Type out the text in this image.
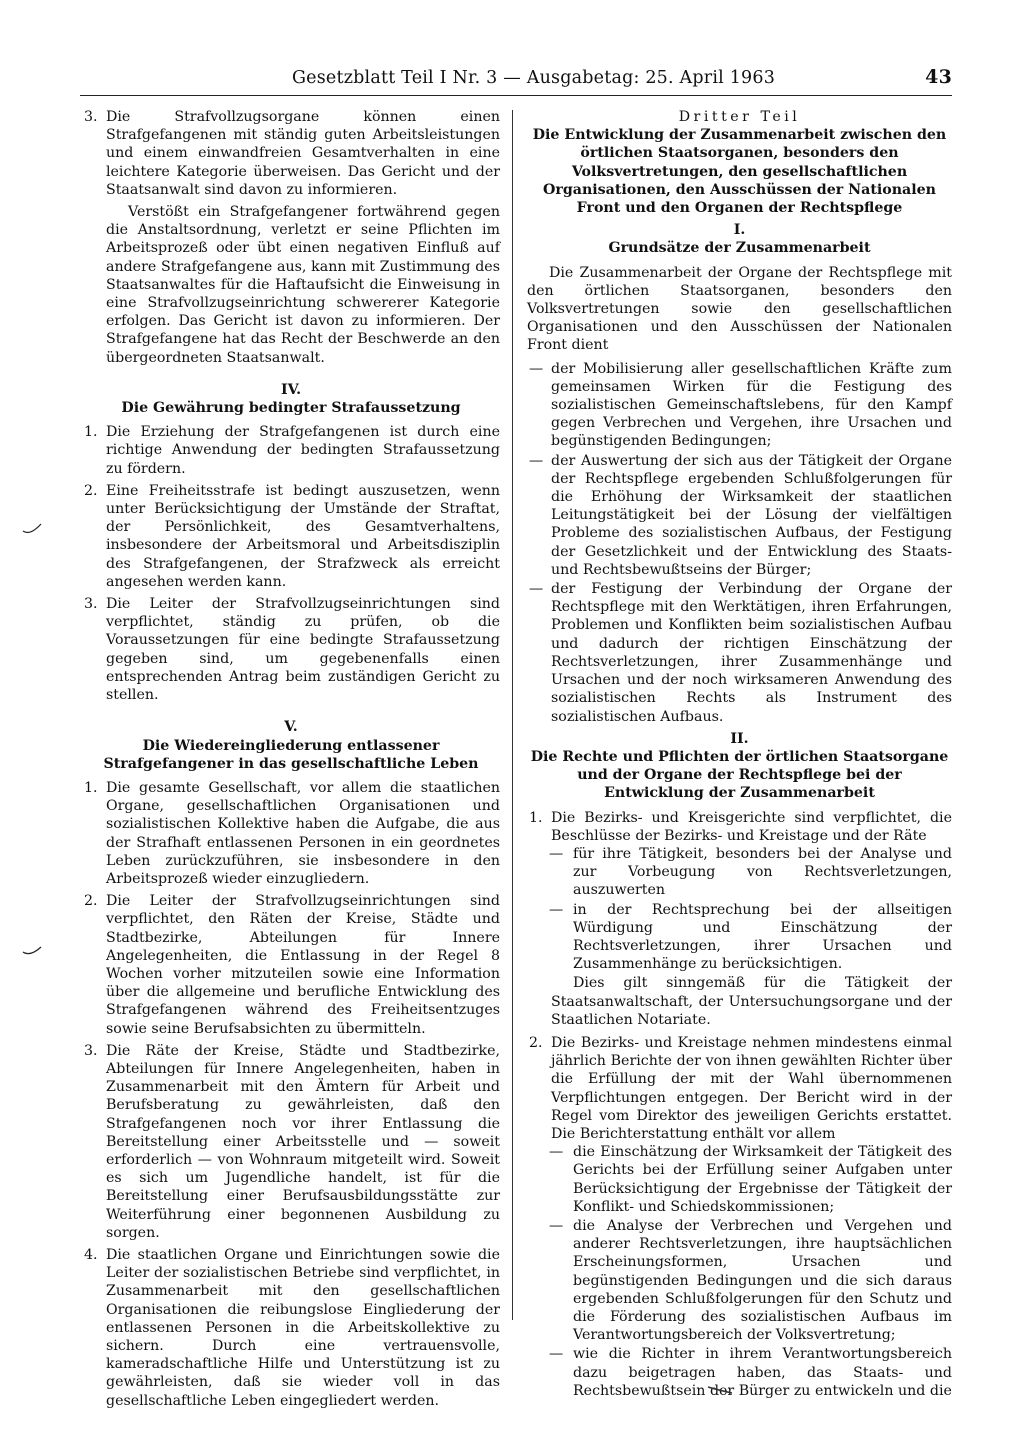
Gesetzblatt Teil I Nr. 3 — Ausgabetag: 25. April 1963	43
3. Die Strafvollzugsorgane können einen Strafgefangenen mit ständig guten Arbeitsleistungen und einem einwandfreien Gesamtverhalten in eine leichtere Kategorie überweisen. Das Gericht und der Staatsanwalt sind davon zu informieren.

Verstößt ein Strafgefangener fortwährend gegen die Anstaltsordnung, verletzt er seine Pflichten im Arbeitsprozeß oder übt einen negativen Einfluß auf andere Strafgefangene aus, kann mit Zustimmung des Staatsanwaltes für die Haftaufsicht die Einweisung in eine Strafvollzugseinrichtung schwererer Kategorie erfolgen. Das Gericht ist davon zu informieren. Der Strafgefangene hat das Recht der Beschwerde an den übergeordneten Staatsanwalt.

IV.

Die Gewährung bedingter Strafaussetzung

1. Die Erziehung der Strafgefangenen ist durch eine richtige Anwendung der bedingten Strafaussetzung zu fördern.

2. Eine Freiheitsstrafe ist bedingt auszusetzen, wenn unter Berücksichtigung der Umstände der Straftat, der Persönlichkeit, des Gesamtverhaltens, insbesondere der Arbeitsmoral und Arbeitsdisziplin des Strafgefangenen, der Strafzweck als erreicht angesehen werden kann.

3. Die Leiter der Strafvollzugseinrichtungen sind verpflichtet, ständig zu prüfen, ob die Voraussetzungen für eine bedingte Strafaussetzung gegeben sind, um gegebenenfalls einen entsprechenden Antrag beim zuständigen Gericht zu stellen.

V.

Die Wiedereingliederung entlassener Strafgefangener in das gesellschaftliche Leben

1. Die gesamte Gesellschaft, vor allem die staatlichen Organe, gesellschaftlichen Organisationen und sozialistischen Kollektive haben die Aufgabe, die aus der Strafhaft entlassenen Personen in ein geordnetes Leben zurückzuführen, sie insbesondere in den Arbeitsprozeß wieder einzugliedern.

2. Die Leiter der Strafvollzugseinrichtungen sind verpflichtet, den Räten der Kreise, Städte und Stadtbezirke, Abteilungen für Innere Angelegenheiten, die Entlassung in der Regel 8 Wochen vorher mitzuteilen sowie eine Information über die allgemeine und berufliche Entwicklung des Strafgefangenen während des Freiheitsentzuges sowie seine Berufsabsichten zu übermitteln.

3. Die Räte der Kreise, Städte und Stadtbezirke, Abteilungen für Innere Angelegenheiten, haben in Zusammenarbeit mit den Ämtern für Arbeit und Berufsberatung zu gewährleisten, daß den Strafgefangenen noch vor ihrer Entlassung die Bereitstellung einer Arbeitsstelle und — soweit erforderlich — von Wohnraum mitgeteilt wird. Soweit es sich um Jugendliche handelt, ist für die Bereitstellung einer Berufsausbildungsstätte zur Weiterführung einer begonnenen Ausbildung zu sorgen.

4. Die staatlichen Organe und Einrichtungen sowie die Leiter der sozialistischen Betriebe sind verpflichtet, in Zusammenarbeit mit den gesellschaftlichen Organisationen die reibungslose Eingliederung der entlassenen Personen in die Arbeitskollektive zu sichern. Durch eine vertrauensvolle, kameradschaftliche Hilfe und Unterstützung ist zu gewährleisten, daß sie wieder voll in das gesellschaftliche Leben eingegliedert werden.

Dritter Teil

Die Entwicklung der Zusammenarbeit zwischen den örtlichen Staatsorganen, besonders den Volksvertretungen, den gesellschaftlichen Organisationen, den Ausschüssen der Nationalen Front und den Organen der Rechtspflege

I.

Grundsätze der Zusammenarbeit

Die Zusammenarbeit der Organe der Rechtspflege mit den örtlichen Staatsorganen, besonders den Volksvertretungen sowie den gesellschaftlichen Organisationen und den Ausschüssen der Nationalen Front dient

— der Mobilisierung aller gesellschaftlichen Kräfte zum gemeinsamen Wirken für die Festigung des sozialistischen Gemeinschaftslebens, für den Kampf gegen Verbrechen und Vergehen, ihre Ursachen und begünstigenden Bedingungen;

— der Auswertung der sich aus der Tätigkeit der Organe der Rechtspflege ergebenden Schlußfolgerungen für die Erhöhung der Wirksamkeit der staatlichen Leitungstätigkeit bei der Lösung der vielfältigen Probleme des sozialistischen Aufbaus, der Festigung der Gesetzlichkeit und der Entwicklung des Staats- und Rechtsbewußtseins der Bürger;

— der Festigung der Verbindung der Organe der Rechtspflege mit den Werktätigen, ihren Erfahrungen, Problemen und Konflikten beim sozialistischen Aufbau und dadurch der richtigen Einschätzung der Rechtsverletzungen, ihrer Zusammenhänge und Ursachen und der noch wirksameren Anwendung des sozialistischen Rechts als Instrument des sozialistischen Aufbaus.

II.

Die Rechte und Pflichten der örtlichen Staatsorgane und der Organe der Rechtspflege bei der Entwicklung der Zusammenarbeit

1. Die Bezirks- und Kreisgerichte sind verpflichtet, die Beschlüsse der Bezirks- und Kreistage und der Räte

— für ihre Tätigkeit, besonders bei der Analyse und zur Vorbeugung von Rechtsverletzungen, auszuwerten

— in der Rechtsprechung bei der allseitigen Würdigung und Einschätzung der Rechtsverletzungen, ihrer Ursachen und Zusammenhänge zu berücksichtigen.

Dies gilt sinngemäß für die Tätigkeit der Staatsanwaltschaft, der Untersuchungsorgane und der Staatlichen Notariate.

2. Die Bezirks- und Kreistage nehmen mindestens einmal jährlich Berichte der von ihnen gewählten Richter über die Erfüllung der mit der Wahl übernommenen Verpflichtungen entgegen. Der Bericht wird in der Regel vom Direktor des jeweiligen Gerichts erstattet. Die Berichterstattung enthält vor allem

— die Einschätzung der Wirksamkeit der Tätigkeit des Gerichts bei der Erfüllung seiner Aufgaben unter Berücksichtigung der Ergebnisse der Tätigkeit der Konflikt- und Schiedskommissionen;

— die Analyse der Verbrechen und Vergehen und anderer Rechtsverletzungen, ihre hauptsächlichen Erscheinungsformen, Ursachen und begünstigenden Bedingungen und die sich daraus ergebenden Schlußfolgerungen für den Schutz und die Förderung des sozialistischen Aufbaus im Verantwortungsbereich der Volksvertretung;

— wie die Richter in ihrem Verantwortungsbereich dazu beigetragen haben, das Staats- und Rechtsbewußtsein der Bürger zu entwickeln und die
